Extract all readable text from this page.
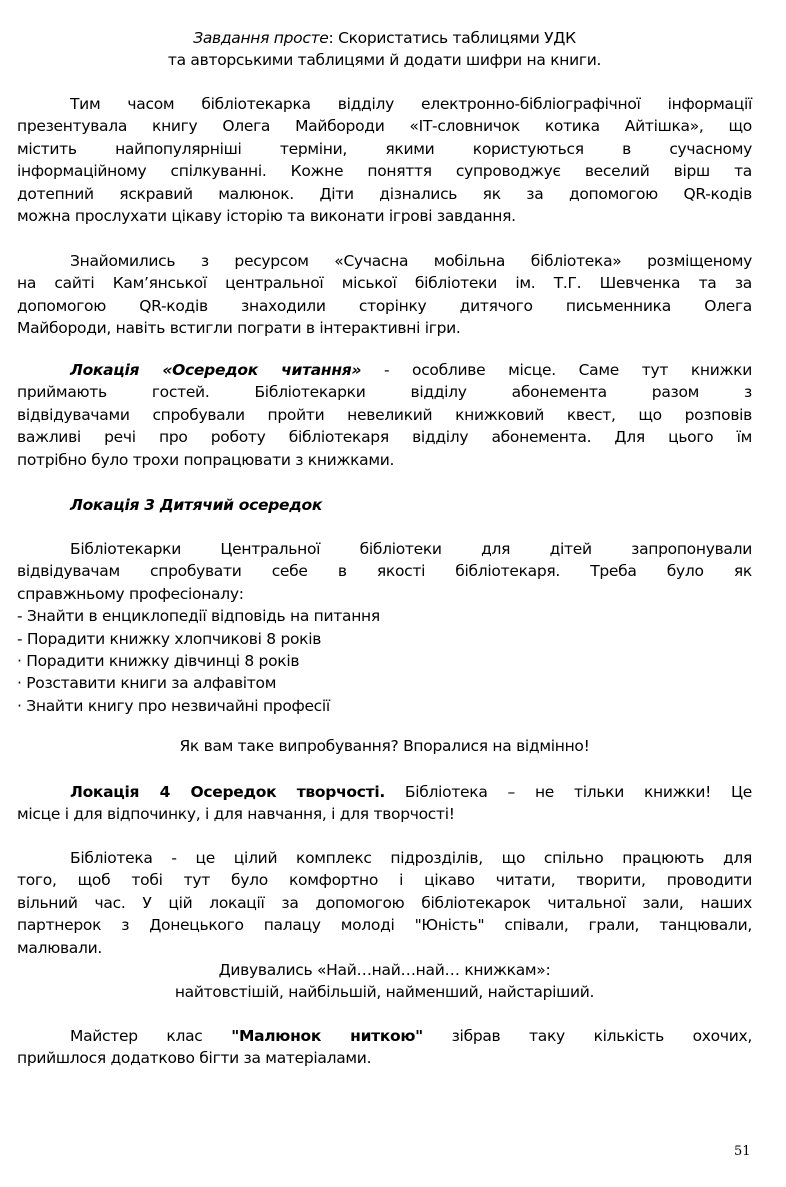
Завдання просте: Скористатись таблицями УДК
та авторськими таблицями й додати шифри на книги.
Тим часом бібліотекарка відділу електронно-бібліографічної інформації
презентувала книгу Олега Майбороди «ІТ-словничок котика Айтішка», що
містить найпопулярніші терміни, якими користуються в сучасному
інформаційному спілкуванні. Кожне поняття супроводжує веселий вірш та
дотепний яскравий малюнок. Діти дізнались як за допомогою QR-кодів
можна прослухати цікаву історію та виконати ігрові завдання.
Знайомились з ресурсом «Сучасна мобільна бібліотека» розміщеному
на сайті Кам’янської центральної міської бібліотеки ім. Т.Г. Шевченка та за
допомогою QR-кодів знаходили сторінку дитячого письменника Олега
Майбороди, навіть встигли пограти в інтерактивні ігри.
Локація «Осередок читання» - особливе місце. Саме тут книжки
приймають гостей. Бібліотекарки відділу абонемента разом з
відвідувачами спробували пройти невеликий книжковий квест, що розповів
важливі речі про роботу бібліотекаря відділу абонемента. Для цього їм
потрібно було трохи попрацювати з книжками.
Локація 3 Дитячий осередок
Бібліотекарки Центральної бібліотеки для дітей запропонували
відвідувачам спробувати себе в якості бібліотекаря. Треба було як
справжньому професіоналу:
- Знайти в енциклопедії відповідь на питання
- Порадити книжку хлопчикові 8 років
· Порадити книжку дівчинці 8 років
· Розставити книги за алфавітом
· Знайти книгу про незвичайні професії
Як вам таке випробування? Впоралися на відмінно!
Локація 4 Осередок творчості. Бібліотека – не тільки книжки! Це
місце і для відпочинку, і для навчання, і для творчості!
Бібліотека - це цілий комплекс підрозділів, що спільно працюють для
того, щоб тобі тут було комфортно і цікаво читати, творити, проводити
вільний час. У цій локації за допомогою бібліотекарок читальної зали, наших
партнерок з Донецького палацу молоді "Юність" співали, грали, танцювали,
малювали.
Дивувались «Най…най…най… книжкам»:
найтовстішій, найбільшій, найменший, найстаріший.
Майстер клас "Малюнок ниткою" зібрав таку кількість охочих,
прийшлося додатково бігти за матеріалами.
51
